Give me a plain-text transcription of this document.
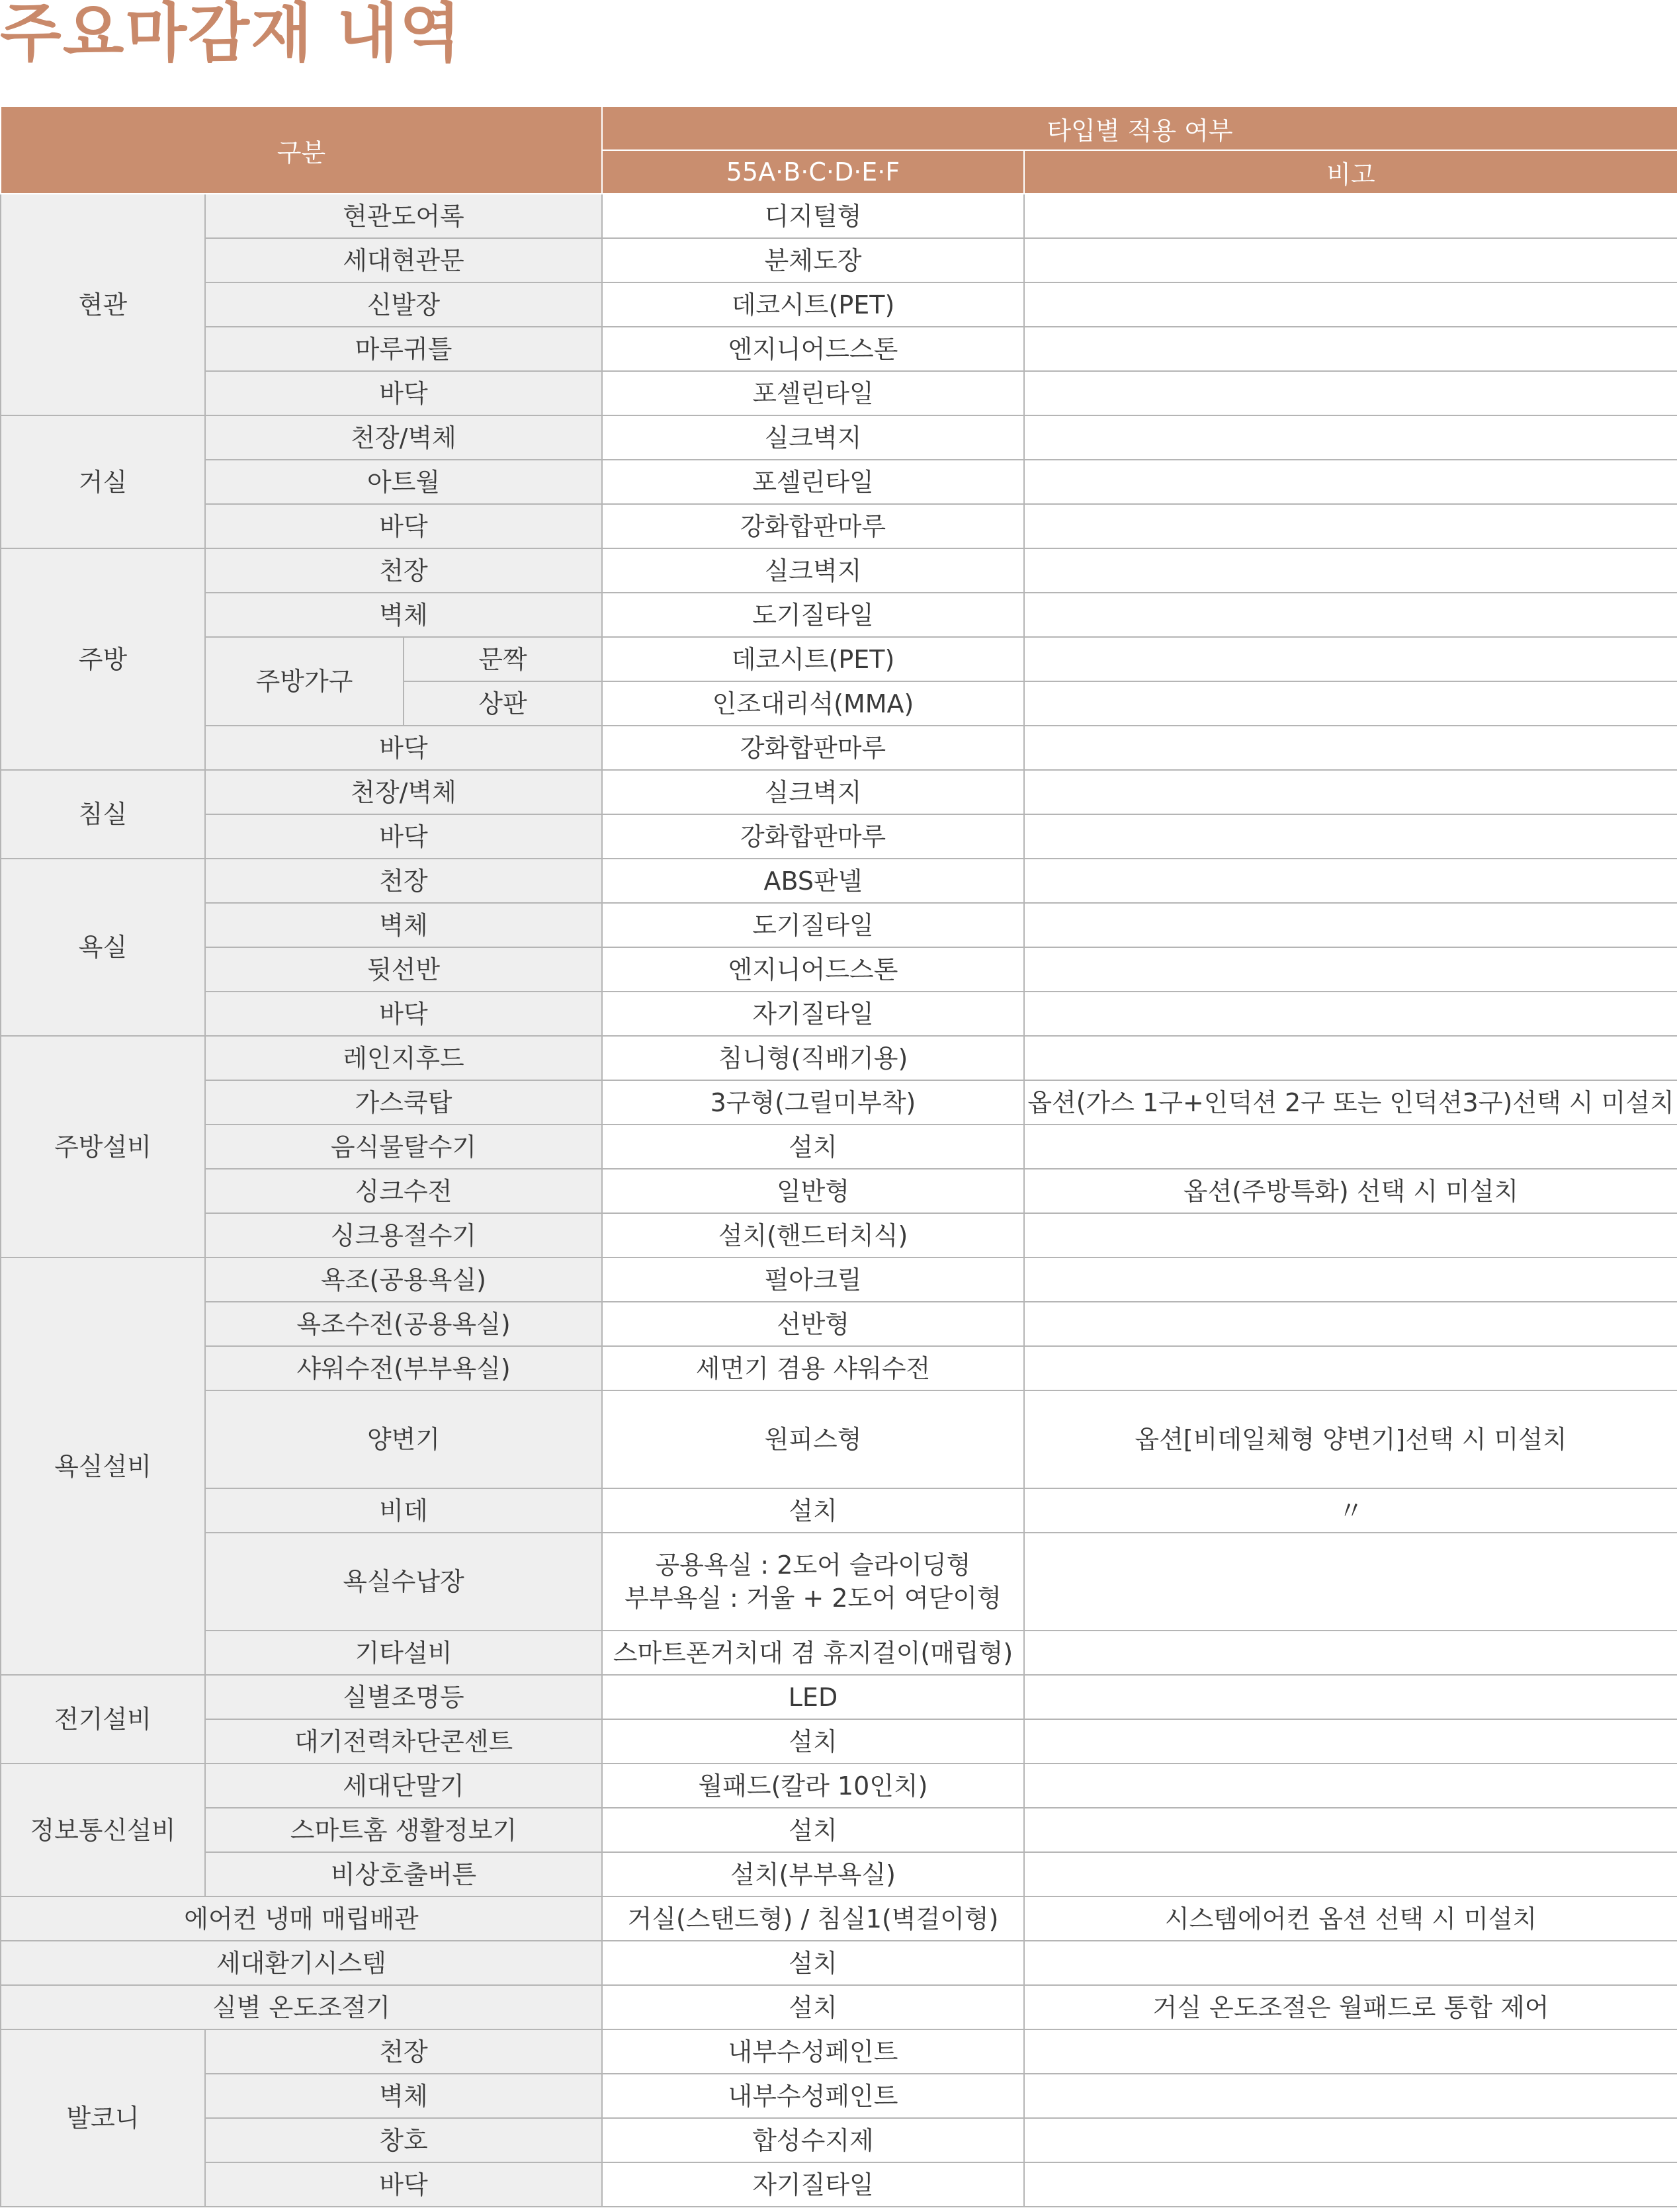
주요마감재 내역
구분			타입별 적용 여부	
			55A·B·C·D·E·F	비고
현관	현관도어록		디지털형	
	세대현관문		분체도장	
	신발장		데코시트(PET)	
	마루귀틀		엔지니어드스톤	
	바닥		포셀린타일	
거실	천장/벽체		실크벽지	
	아트월		포셀린타일	
	바닥		강화합판마루	
주방	천장		실크벽지	
	벽체		도기질타일	
	주방가구	문짝	데코시트(PET)	
		상판	인조대리석(MMA)	
	바닥		강화합판마루	
침실	천장/벽체		실크벽지	
	바닥		강화합판마루	
욕실	천장		ABS판넬	
	벽체		도기질타일	
	뒷선반		엔지니어드스톤	
	바닥		자기질타일	
주방설비	레인지후드		침니형(직배기용)	
	가스쿡탑		3구형(그릴미부착)	옵션(가스 1구+인덕션 2구 또는 인덕션3구)선택 시 미설치
	음식물탈수기		설치	
	싱크수전		일반형	옵션(주방특화) 선택 시 미설치
	싱크용절수기		설치(핸드터치식)	
욕실설비	욕조(공용욕실)		펄아크릴	
	욕조수전(공용욕실)		선반형	
	샤워수전(부부욕실)		세면기 겸용 샤워수전	
	양변기		원피스형	옵션[비데일체형 양변기]선택 시 미설치
	비데		설치	〃
	욕실수납장		공용욕실 : 2도어 슬라이딩형
부부욕실 : 거울 + 2도어 여닫이형	

	기타설비		스마트폰거치대 겸 휴지걸이(매립형)	
전기설비	실별조명등		LED	
	대기전력차단콘센트		설치	
정보통신설비	세대단말기		월패드(칼라 10인치)	
	스마트홈 생활정보기		설치	
	비상호출버튼		설치(부부욕실)	
에어컨 냉매 매립배관			거실(스탠드형) / 침실1(벽걸이형)	시스템에어컨 옵션 선택 시 미설치
세대환기시스템			설치	
실별 온도조절기			설치	거실 온도조절은 월패드로 통합 제어
발코니	천장		내부수성페인트	
	벽체		내부수성페인트	
	창호		합성수지제	
	바닥		자기질타일	
